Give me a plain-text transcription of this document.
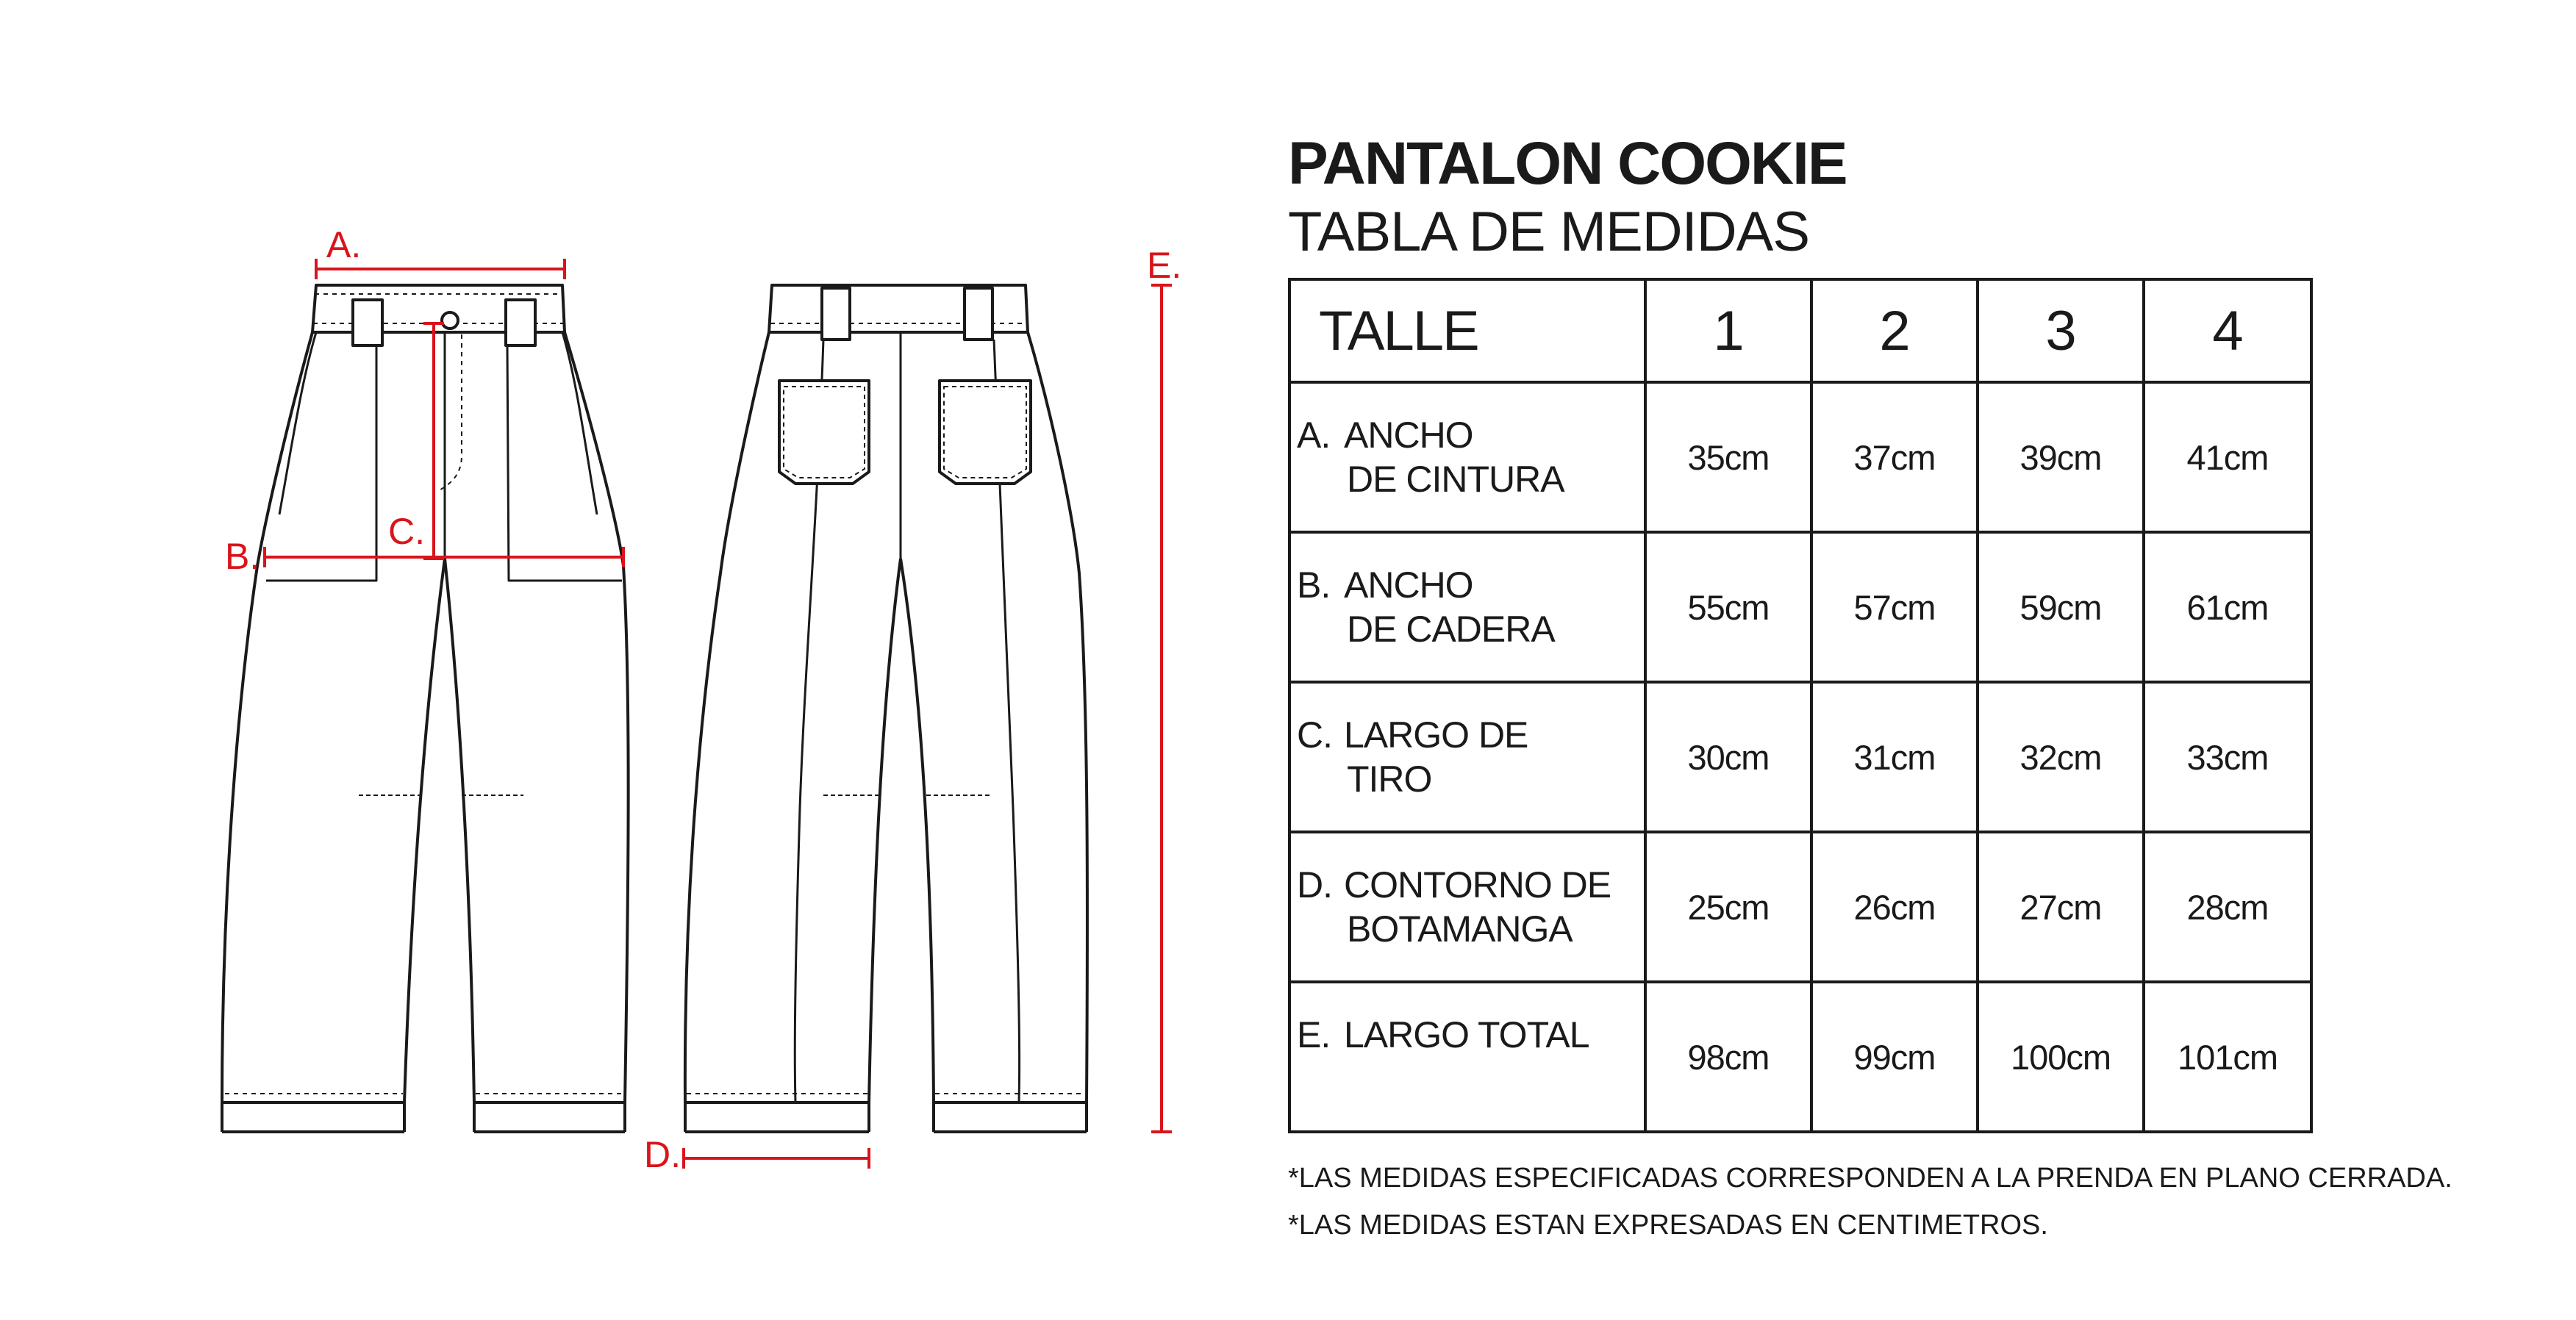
A.
B.
C.
D.
E.
PANTALON COOKIE
TABLA DE MEDIDAS
TALLE	1	2	3	4
A. ANCHO
DE CINTURA
35cm	37cm	39cm	41cm
B. ANCHO
DE CADERA
55cm	57cm	59cm	61cm
C. LARGO DE
TIRO
30cm	31cm	32cm	33cm
D. CONTORNO DE
BOTAMANGA
25cm	26cm	27cm	28cm
E. LARGO TOTAL
98cm	99cm	100cm	101cm
*LAS MEDIDAS ESPECIFICADAS CORRESPONDEN A LA PRENDA EN PLANO CERRADA.
*LAS MEDIDAS ESTAN EXPRESADAS EN CENTIMETROS.
